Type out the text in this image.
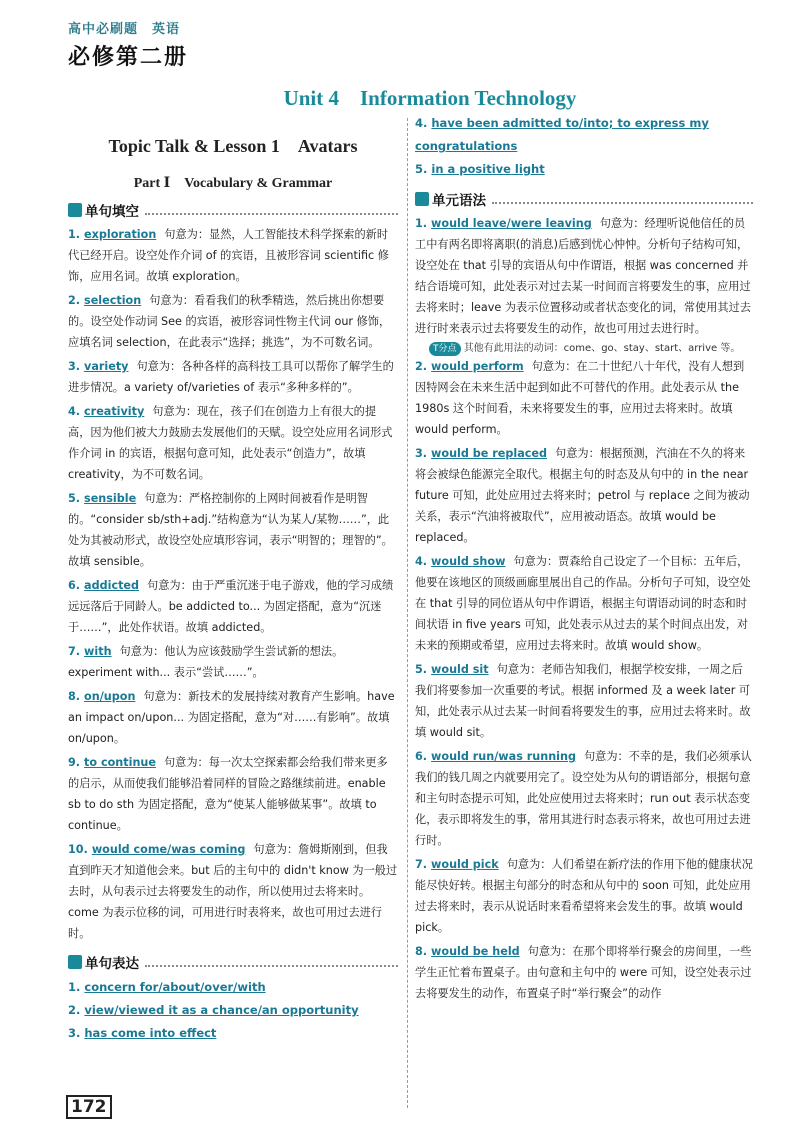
高中必刷题　英语
必修第二册
Unit 4　Information Technology
Topic Talk & Lesson 1　Avatars
Part Ⅰ　Vocabulary & Grammar
单句填空
1. exploration 句意为：显然，人工智能技术科学探索的新时代已经开启。设空处作介词 of 的宾语，且被形容词 scientific 修饰，应用名词。故填 exploration。
2. selection 句意为：看看我们的秋季精选，然后挑出你想要的。设空处作动词 See 的宾语，被形容词性物主代词 our 修饰，应填名词 selection，在此表示“选择；挑选”，为不可数名词。
3. variety 句意为：各种各样的高科技工具可以帮你了解学生的进步情况。a variety of/varieties of 表示“多种多样的”。
4. creativity 句意为：现在，孩子们在创造力上有很大的提高，因为他们被大力鼓励去发展他们的天赋。设空处应用名词形式作介词 in 的宾语，根据句意可知，此处表示“创造力”，故填 creativity，为不可数名词。
5. sensible 句意为：严格控制你的上网时间被看作是明智的。“consider sb/sth+adj.”结构意为“认为某人/某物……”，此处为其被动形式，故设空处应填形容词，表示“明智的；理智的”。故填 sensible。
6. addicted 句意为：由于严重沉迷于电子游戏，他的学习成绩远远落后于同龄人。be addicted to... 为固定搭配，意为“沉迷于……”，此处作状语。故填 addicted。
7. with 句意为：他认为应该鼓励学生尝试新的想法。experiment with... 表示“尝试……”。
8. on/upon 句意为：新技术的发展持续对教育产生影响。have an impact on/upon... 为固定搭配，意为“对……有影响”。故填 on/upon。
9. to continue 句意为：每一次太空探索都会给我们带来更多的启示，从而使我们能够沿着同样的冒险之路继续前进。enable sb to do sth 为固定搭配，意为“使某人能够做某事”。故填 to continue。
10. would come/was coming 句意为：詹姆斯刚到，但我直到昨天才知道他会来。but 后的主句中的 didn't know 为一般过去时，从句表示过去将要发生的动作，所以使用过去将来时。come 为表示位移的词，可用进行时表将来，故也可用过去进行时。
单句表达
1. concern for/about/over/with
2. view/viewed it as a chance/an opportunity
3. has come into effect
4. have been admitted to/into; to express my congratulations
5. in a positive light
单元语法
1. would leave/were leaving 句意为：经理听说他信任的员工中有两名即将离职(的消息)后感到忧心忡忡。分析句子结构可知，设空处在 that 引导的宾语从句中作谓语，根据 was concerned 并结合语境可知，此处表示对过去某一时间而言将要发生的事，应用过去将来时；leave 为表示位置移动或者状态变化的词，常使用其过去进行时来表示过去将要发生的动作，故也可用过去进行时。
T分点 其他有此用法的动词：come、go、stay、start、arrive 等。
2. would perform 句意为：在二十世纪八十年代，没有人想到因特网会在未来生活中起到如此不可替代的作用。此处表示从 the 1980s 这个时间看，未来将要发生的事，应用过去将来时。故填 would perform。
3. would be replaced 句意为：根据预测，汽油在不久的将来将会被绿色能源完全取代。根据主句的时态及从句中的 in the near future 可知，此处应用过去将来时；petrol 与 replace 之间为被动关系，表示“汽油将被取代”，应用被动语态。故填 would be replaced。
4. would show 句意为：贾森给自己设定了一个目标：五年后，他要在该地区的顶级画廊里展出自己的作品。分析句子可知，设空处在 that 引导的同位语从句中作谓语，根据主句谓语动词的时态和时间状语 in five years 可知，此处表示从过去的某个时间点出发，对未来的预期或希望，应用过去将来时。故填 would show。
5. would sit 句意为：老师告知我们，根据学校安排，一周之后我们将要参加一次重要的考试。根据 informed 及 a week later 可知，此处表示从过去某一时间看将要发生的事，应用过去将来时。故填 would sit。
6. would run/was running 句意为：不幸的是，我们必须承认我们的钱几周之内就要用完了。设空处为从句的谓语部分，根据句意和主句时态提示可知，此处应使用过去将来时；run out 表示状态变化，表示即将发生的事，常用其进行时态表示将来，故也可用过去进行时。
7. would pick 句意为：人们希望在新疗法的作用下他的健康状况能尽快好转。根据主句部分的时态和从句中的 soon 可知，此处应用过去将来时，表示从说话时来看希望将来会发生的事。故填 would pick。
8. would be held 句意为：在那个即将举行聚会的房间里，一些学生正忙着布置桌子。由句意和主句中的 were 可知，设空处表示过去将要发生的动作，布置桌子时“举行聚会”的动作
172
